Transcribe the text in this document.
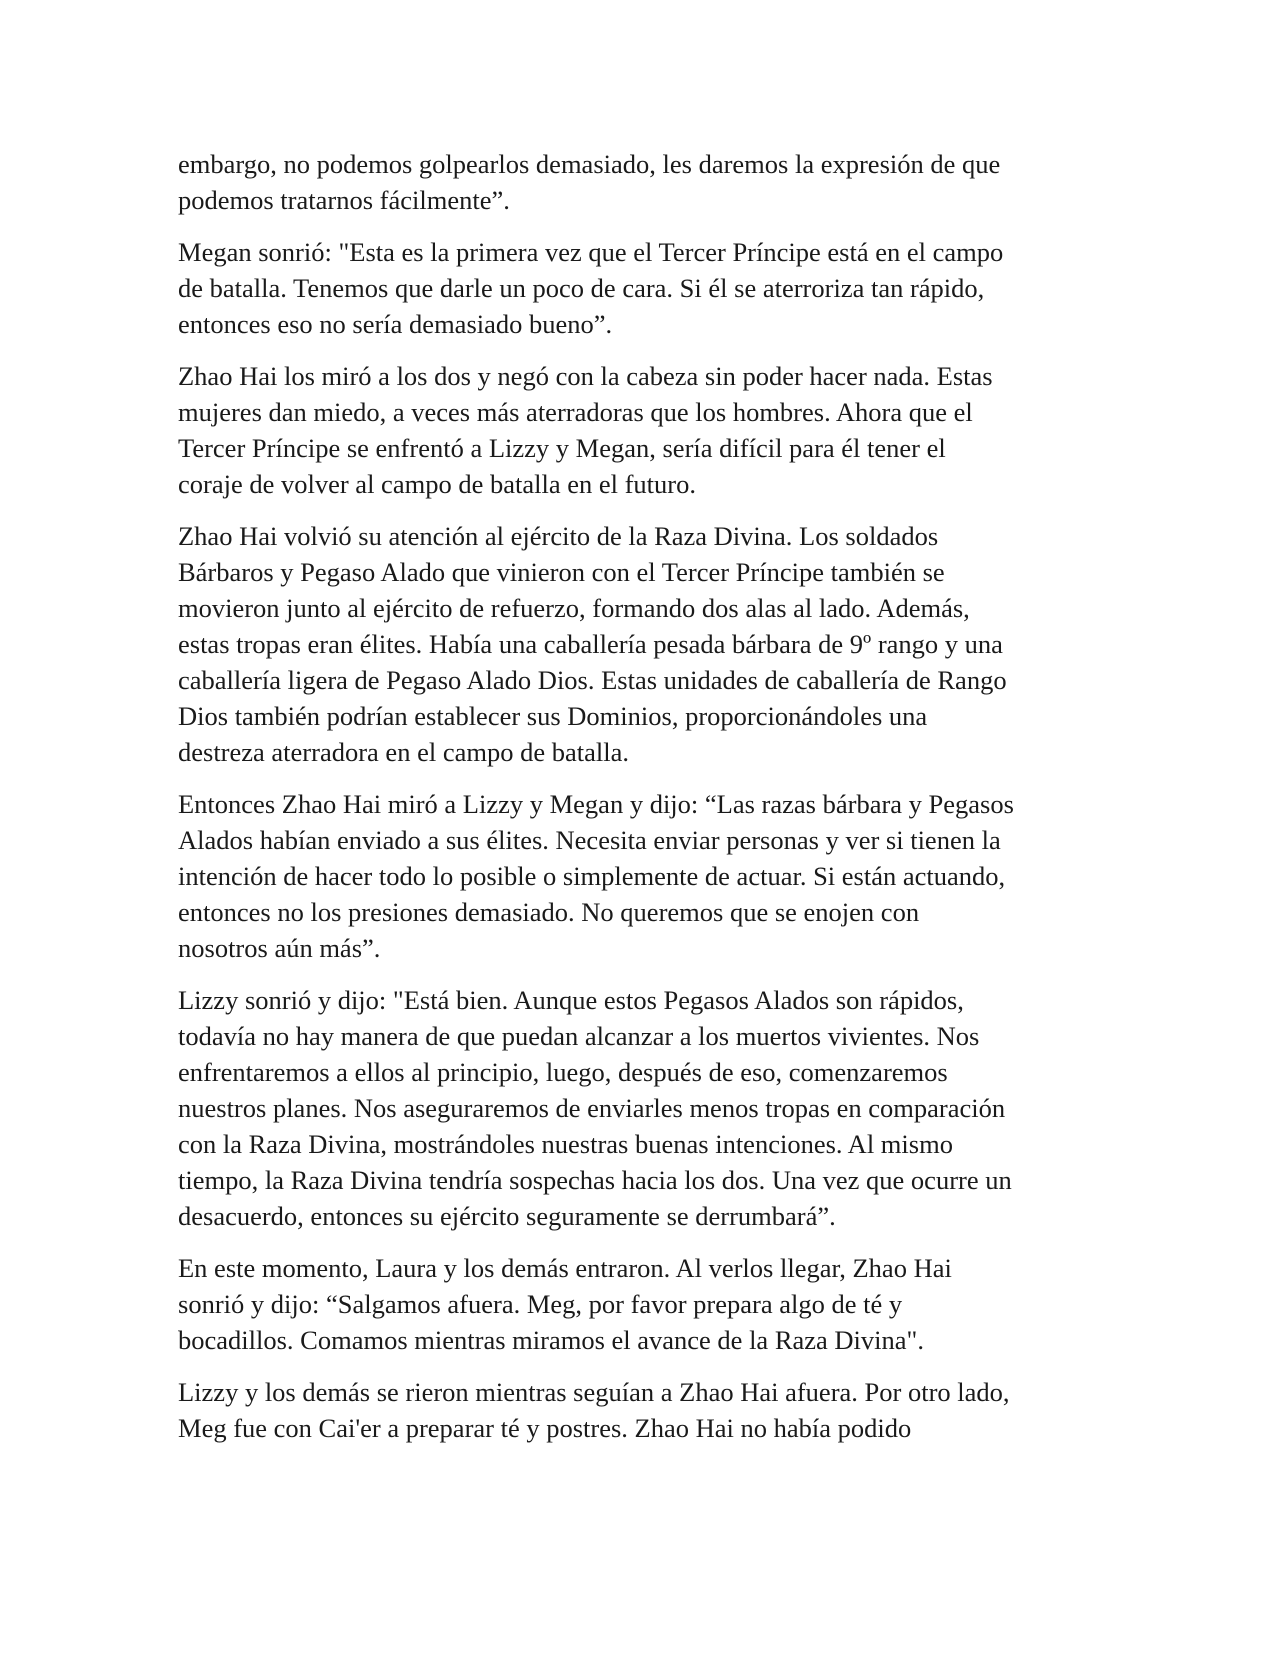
embargo, no podemos golpearlos demasiado, les daremos la expresión de que
podemos tratarnos fácilmente”.

Megan sonrió: "Esta es la primera vez que el Tercer Príncipe está en el campo
de batalla. Tenemos que darle un poco de cara. Si él se aterroriza tan rápido,
entonces eso no sería demasiado bueno”.

Zhao Hai los miró a los dos y negó con la cabeza sin poder hacer nada. Estas
mujeres dan miedo, a veces más aterradoras que los hombres. Ahora que el
Tercer Príncipe se enfrentó a Lizzy y Megan, sería difícil para él tener el
coraje de volver al campo de batalla en el futuro.

Zhao Hai volvió su atención al ejército de la Raza Divina. Los soldados
Bárbaros y Pegaso Alado que vinieron con el Tercer Príncipe también se
movieron junto al ejército de refuerzo, formando dos alas al lado. Además,
estas tropas eran élites. Había una caballería pesada bárbara de 9º rango y una
caballería ligera de Pegaso Alado Dios. Estas unidades de caballería de Rango
Dios también podrían establecer sus Dominios, proporcionándoles una
destreza aterradora en el campo de batalla.

Entonces Zhao Hai miró a Lizzy y Megan y dijo: “Las razas bárbara y Pegasos
Alados habían enviado a sus élites. Necesita enviar personas y ver si tienen la
intención de hacer todo lo posible o simplemente de actuar. Si están actuando,
entonces no los presiones demasiado. No queremos que se enojen con
nosotros aún más”.

Lizzy sonrió y dijo: "Está bien. Aunque estos Pegasos Alados son rápidos,
todavía no hay manera de que puedan alcanzar a los muertos vivientes. Nos
enfrentaremos a ellos al principio, luego, después de eso, comenzaremos
nuestros planes. Nos aseguraremos de enviarles menos tropas en comparación
con la Raza Divina, mostrándoles nuestras buenas intenciones. Al mismo
tiempo, la Raza Divina tendría sospechas hacia los dos. Una vez que ocurre un
desacuerdo, entonces su ejército seguramente se derrumbará”.

En este momento, Laura y los demás entraron. Al verlos llegar, Zhao Hai
sonrió y dijo: “Salgamos afuera. Meg, por favor prepara algo de té y
bocadillos. Comamos mientras miramos el avance de la Raza Divina".

Lizzy y los demás se rieron mientras seguían a Zhao Hai afuera. Por otro lado,
Meg fue con Cai'er a preparar té y postres. Zhao Hai no había podido
